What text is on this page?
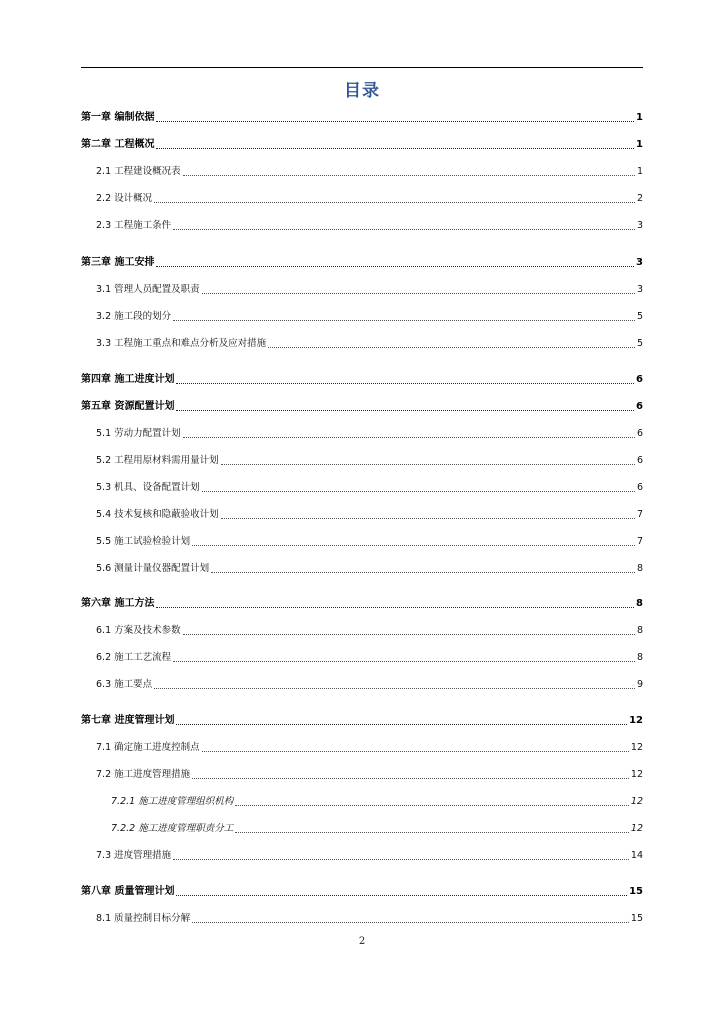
目录
第一章 编制依据	1
第二章 工程概况	1
2.1 工程建设概况表	1
2.2 设计概况	2
2.3 工程施工条件	3
第三章 施工安排	3
3.1 管理人员配置及职责	3
3.2 施工段的划分	5
3.3 工程施工重点和难点分析及应对措施	5
第四章 施工进度计划	6
第五章 资源配置计划	6
5.1 劳动力配置计划	6
5.2 工程用原材料需用量计划	6
5.3 机具、设备配置计划	6
5.4 技术复核和隐蔽验收计划	7
5.5 施工试验检验计划	7
5.6 测量计量仪器配置计划	8
第六章 施工方法	8
6.1 方案及技术参数	8
6.2 施工工艺流程	8
6.3 施工要点	9
第七章 进度管理计划	12
7.1 确定施工进度控制点	12
7.2 施工进度管理措施	12
7.2.1 施工进度管理组织机构	12
7.2.2 施工进度管理职责分工	12
7.3 进度管理措施	14
第八章 质量管理计划	15
8.1 质量控制目标分解	15
2
